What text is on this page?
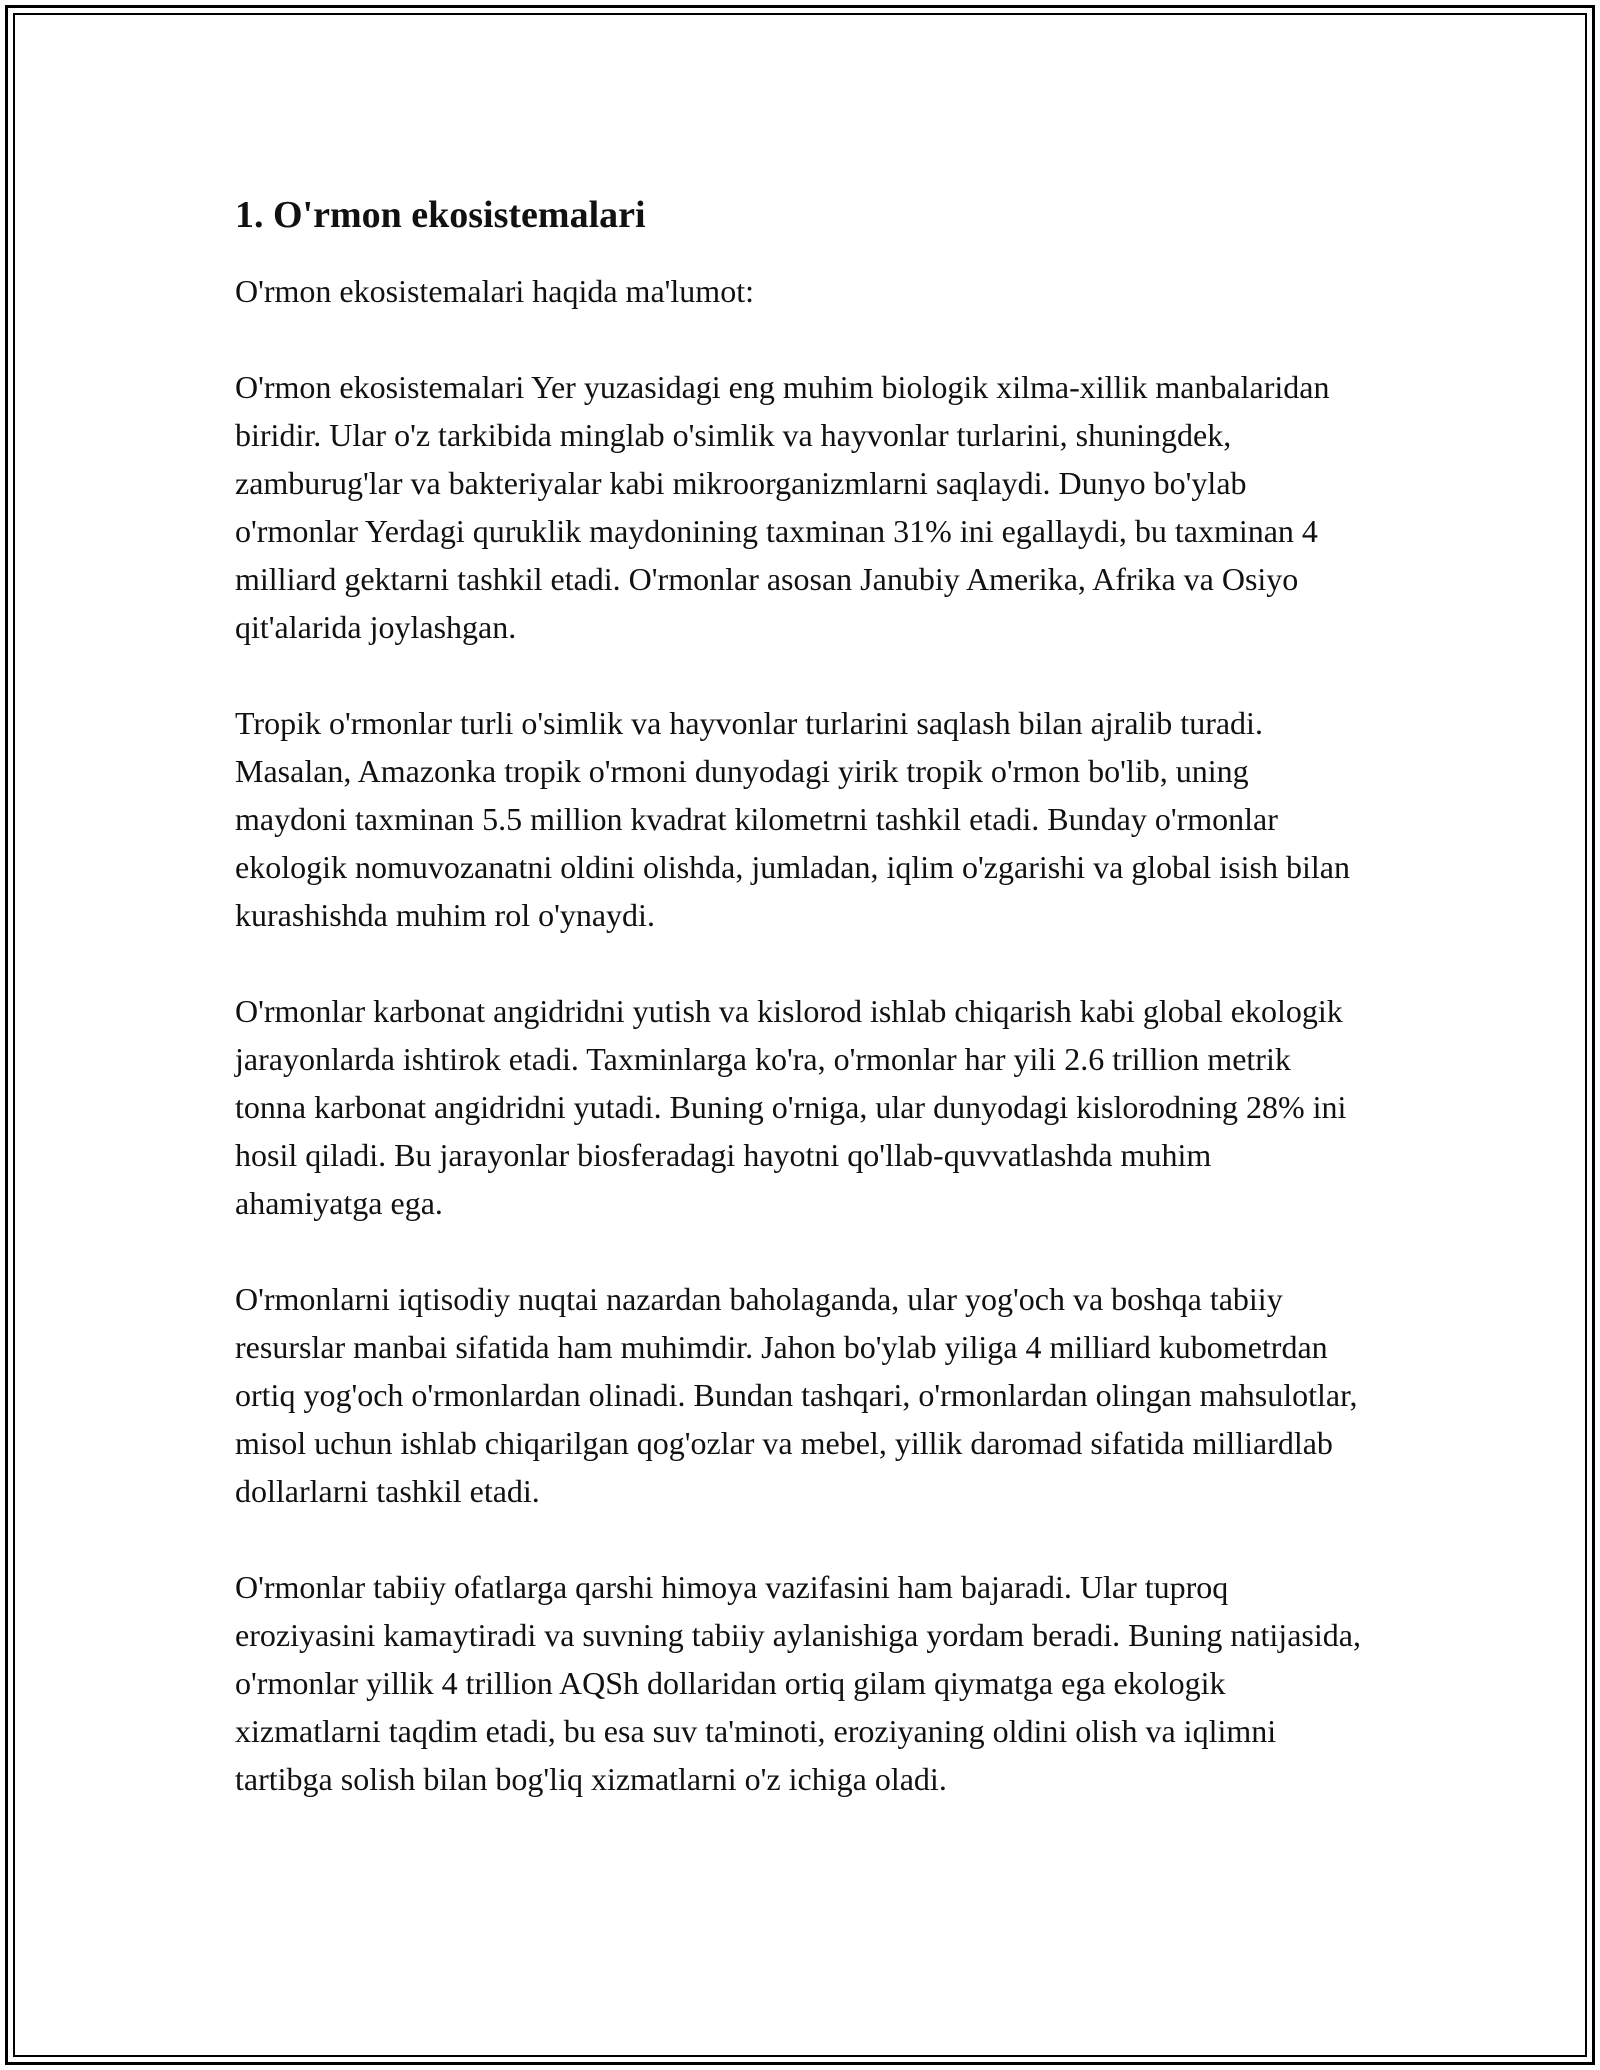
1. O'rmon ekosistemalari

O'rmon ekosistemalari haqida ma'lumot:

O'rmon ekosistemalari Yer yuzasidagi eng muhim biologik xilma-xillik manbalaridan biridir. Ular o'z tarkibida minglab o'simlik va hayvonlar turlarini, shuningdek, zamburug'lar va bakteriyalar kabi mikroorganizmlarni saqlaydi. Dunyo bo'ylab o'rmonlar Yerdagi quruklik maydonining taxminan 31% ini egallaydi, bu taxminan 4 milliard gektarni tashkil etadi. O'rmonlar asosan Janubiy Amerika, Afrika va Osiyo qit'alarida joylashgan.

Tropik o'rmonlar turli o'simlik va hayvonlar turlarini saqlash bilan ajralib turadi. Masalan, Amazonka tropik o'rmoni dunyodagi yirik tropik o'rmon bo'lib, uning maydoni taxminan 5.5 million kvadrat kilometrni tashkil etadi. Bunday o'rmonlar ekologik nomuvozanatni oldini olishda, jumladan, iqlim o'zgarishi va global isish bilan kurashishda muhim rol o'ynaydi.

O'rmonlar karbonat angidridni yutish va kislorod ishlab chiqarish kabi global ekologik jarayonlarda ishtirok etadi. Taxminlarga ko'ra, o'rmonlar har yili 2.6 trillion metrik tonna karbonat angidridni yutadi. Buning o'rniga, ular dunyodagi kislorodning 28% ini hosil qiladi. Bu jarayonlar biosferadagi hayotni qo'llab-quvvatlashda muhim ahamiyatga ega.

O'rmonlarni iqtisodiy nuqtai nazardan baholaganda, ular yog'och va boshqa tabiiy resurslar manbai sifatida ham muhimdir. Jahon bo'ylab yiliga 4 milliard kubometrdan ortiq yog'och o'rmonlardan olinadi. Bundan tashqari, o'rmonlardan olingan mahsulotlar, misol uchun ishlab chiqarilgan qog'ozlar va mebel, yillik daromad sifatida milliardlab dollarlarni tashkil etadi.

O'rmonlar tabiiy ofatlarga qarshi himoya vazifasini ham bajaradi. Ular tuproq eroziyasini kamaytiradi va suvning tabiiy aylanishiga yordam beradi. Buning natijasida, o'rmonlar yillik 4 trillion AQSh dollaridan ortiq gilam qiymatga ega ekologik xizmatlarni taqdim etadi, bu esa suv ta'minoti, eroziyaning oldini olish va iqlimni tartibga solish bilan bog'liq xizmatlarni o'z ichiga oladi.
